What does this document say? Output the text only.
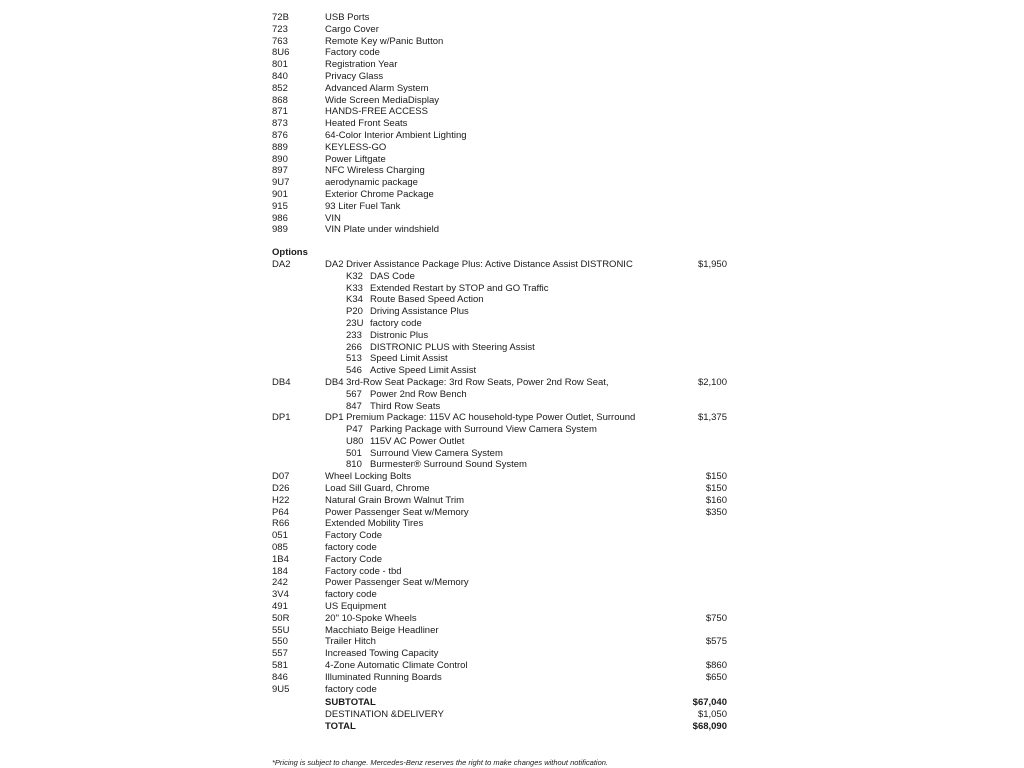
72B	USB Ports
723	Cargo Cover
763	Remote Key w/Panic Button
8U6	Factory code
801	Registration Year
840	Privacy Glass
852	Advanced Alarm System
868	Wide Screen MediaDisplay
871	HANDS-FREE ACCESS
873	Heated Front Seats
876	64-Color Interior Ambient Lighting
889	KEYLESS-GO
890	Power Liftgate
897	NFC Wireless Charging
9U7	aerodynamic package
901	Exterior Chrome Package
915	93 Liter Fuel Tank
986	VIN
989	VIN Plate under windshield
Options
DA2	DA2 Driver Assistance Package Plus: Active Distance Assist DISTRONIC	$1,950
K32 DAS Code
K33 Extended Restart by STOP and GO Traffic
K34 Route Based Speed Action
P20 Driving Assistance Plus
23U factory code
233 Distronic Plus
266 DISTRONIC PLUS with Steering Assist
513 Speed Limit Assist
546 Active Speed Limit Assist
DB4	DB4 3rd-Row Seat Package: 3rd Row Seats, Power 2nd Row Seat,	$2,100
567 Power 2nd Row Bench
847 Third Row Seats
DP1	DP1 Premium Package: 115V AC household-type Power Outlet, Surround	$1,375
P47 Parking Package with Surround View Camera System
U80 115V AC Power Outlet
501 Surround View Camera System
810 Burmester® Surround Sound System
D07	Wheel Locking Bolts	$150
D26	Load Sill Guard, Chrome	$150
H22	Natural Grain Brown Walnut Trim	$160
P64	Power Passenger Seat w/Memory	$350
R66	Extended Mobility Tires
051	Factory Code
085	factory code
1B4	Factory Code
184	Factory code - tbd
242	Power Passenger Seat w/Memory
3V4	factory code
491	US Equipment
50R	20" 10-Spoke Wheels	$750
55U	Macchiato Beige Headliner
550	Trailer Hitch	$575
557	Increased Towing Capacity
581	4-Zone Automatic Climate Control	$860
846	Illuminated Running Boards	$650
9U5	factory code
SUBTOTAL	$67,040
DESTINATION &DELIVERY	$1,050
TOTAL	$68,090
*Pricing is subject to change. Mercedes-Benz reserves the right to make changes without notification.
